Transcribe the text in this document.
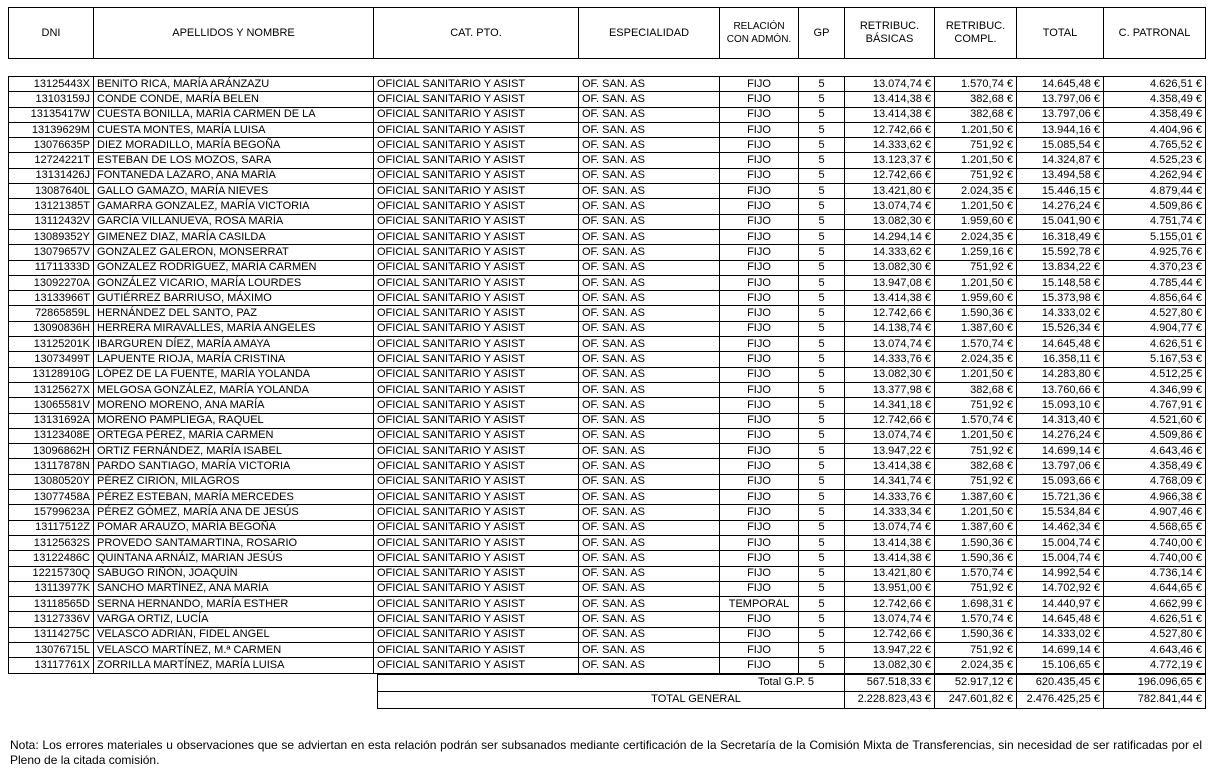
DNI	APELLIDOS Y NOMBRE	CAT. PTO.	ESPECIALIDAD	RELACIÓN CON ADMÓN.	GP	RETRIBUC. BÁSICAS	RETRIBUC. COMPL.	TOTAL	C. PATRONAL
13125443X	BENITO RICA, MARÍA ARÁNZAZU	OFICIAL SANITARIO Y ASIST	OF. SAN. AS	FIJO	5	13.074,74 €	1.570,74 €	14.645,48 €	4.626,51 €
13103159J	CONDE CONDE, MARÍA BELEN	OFICIAL SANITARIO Y ASIST	OF. SAN. AS	FIJO	5	13.414,38 €	382,68 €	13.797,06 €	4.358,49 €
13135417W	CUESTA BONILLA, MARÍA CARMEN DE LA	OFICIAL SANITARIO Y ASIST	OF. SAN. AS	FIJO	5	13.414,38 €	382,68 €	13.797,06 €	4.358,49 €
13139629M	CUESTA MONTES, MARÍA LUISA	OFICIAL SANITARIO Y ASIST	OF. SAN. AS	FIJO	5	12.742,66 €	1.201,50 €	13.944,16 €	4.404,96 €
13076635P	DIEZ MORADILLO, MARÍA BEGOÑA	OFICIAL SANITARIO Y ASIST	OF. SAN. AS	FIJO	5	14.333,62 €	751,92 €	15.085,54 €	4.765,52 €
12724221T	ESTEBAN DE LOS MOZOS, SARA	OFICIAL SANITARIO Y ASIST	OF. SAN. AS	FIJO	5	13.123,37 €	1.201,50 €	14.324,87 €	4.525,23 €
13131426J	FONTANEDA LAZARO, ANA MARÍA	OFICIAL SANITARIO Y ASIST	OF. SAN. AS	FIJO	5	12.742,66 €	751,92 €	13.494,58 €	4.262,94 €
13087640L	GALLO GAMAZO, MARÍA NIEVES	OFICIAL SANITARIO Y ASIST	OF. SAN. AS	FIJO	5	13.421,80 €	2.024,35 €	15.446,15 €	4.879,44 €
13121385T	GAMARRA GONZALEZ, MARÍA VICTORIA	OFICIAL SANITARIO Y ASIST	OF. SAN. AS	FIJO	5	13.074,74 €	1.201,50 €	14.276,24 €	4.509,86 €
13112432V	GARCÍA VILLANUEVA, ROSA MARÍA	OFICIAL SANITARIO Y ASIST	OF. SAN. AS	FIJO	5	13.082,30 €	1.959,60 €	15.041,90 €	4.751,74 €
13089352Y	GIMENEZ DIAZ, MARÍA CASILDA	OFICIAL SANITARIO Y ASIST	OF. SAN. AS	FIJO	5	14.294,14 €	2.024,35 €	16.318,49 €	5.155,01 €
13079657V	GONZALEZ GALERON, MONSERRAT	OFICIAL SANITARIO Y ASIST	OF. SAN. AS	FIJO	5	14.333,62 €	1.259,16 €	15.592,78 €	4.925,76 €
11711333D	GONZALEZ RODRÍGUEZ, MARÍA CARMEN	OFICIAL SANITARIO Y ASIST	OF. SAN. AS	FIJO	5	13.082,30 €	751,92 €	13.834,22 €	4.370,23 €
13092270A	GONZÁLEZ VICARIO, MARÍA LOURDES	OFICIAL SANITARIO Y ASIST	OF. SAN. AS	FIJO	5	13.947,08 €	1.201,50 €	15.148,58 €	4.785,44 €
13133966T	GUTIÉRREZ BARRIUSO, MÁXIMO	OFICIAL SANITARIO Y ASIST	OF. SAN. AS	FIJO	5	13.414,38 €	1.959,60 €	15.373,98 €	4.856,64 €
72865859L	HERNÁNDEZ DEL SANTO, PAZ	OFICIAL SANITARIO Y ASIST	OF. SAN. AS	FIJO	5	12.742,66 €	1.590,36 €	14.333,02 €	4.527,80 €
13090836H	HERRERA MIRAVALLES, MARÍA ANGELES	OFICIAL SANITARIO Y ASIST	OF. SAN. AS	FIJO	5	14.138,74 €	1.387,60 €	15.526,34 €	4.904,77 €
13125201K	IBARGUREN DÍEZ, MARÍA AMAYA	OFICIAL SANITARIO Y ASIST	OF. SAN. AS	FIJO	5	13.074,74 €	1.570,74 €	14.645,48 €	4.626,51 €
13073499T	LAPUENTE RIOJA, MARÍA CRISTINA	OFICIAL SANITARIO Y ASIST	OF. SAN. AS	FIJO	5	14.333,76 €	2.024,35 €	16.358,11 €	5.167,53 €
13128910G	LÓPEZ DE LA FUENTE, MARÍA YOLANDA	OFICIAL SANITARIO Y ASIST	OF. SAN. AS	FIJO	5	13.082,30 €	1.201,50 €	14.283,80 €	4.512,25 €
13125627X	MELGOSA GONZÁLEZ, MARÍA YOLANDA	OFICIAL SANITARIO Y ASIST	OF. SAN. AS	FIJO	5	13.377,98 €	382,68 €	13.760,66 €	4.346,99 €
13065581V	MORENO MORENO, ANA MARÍA	OFICIAL SANITARIO Y ASIST	OF. SAN. AS	FIJO	5	14.341,18 €	751,92 €	15.093,10 €	4.767,91 €
13131692A	MORENO PAMPLIEGA, RAQUEL	OFICIAL SANITARIO Y ASIST	OF. SAN. AS	FIJO	5	12.742,66 €	1.570,74 €	14.313,40 €	4.521,60 €
13123408E	ORTEGA PÉREZ, MARÍA CARMEN	OFICIAL SANITARIO Y ASIST	OF. SAN. AS	FIJO	5	13.074,74 €	1.201,50 €	14.276,24 €	4.509,86 €
13096862H	ORTIZ FERNÁNDEZ, MARÍA ISABEL	OFICIAL SANITARIO Y ASIST	OF. SAN. AS	FIJO	5	13.947,22 €	751,92 €	14.699,14 €	4.643,46 €
13117878N	PARDO SANTIAGO, MARÍA VICTORIA	OFICIAL SANITARIO Y ASIST	OF. SAN. AS	FIJO	5	13.414,38 €	382,68 €	13.797,06 €	4.358,49 €
13080520Y	PÉREZ CIRIÓN, MILAGROS	OFICIAL SANITARIO Y ASIST	OF. SAN. AS	FIJO	5	14.341,74 €	751,92 €	15.093,66 €	4.768,09 €
13077458A	PÉREZ ESTEBAN, MARÍA MERCEDES	OFICIAL SANITARIO Y ASIST	OF. SAN. AS	FIJO	5	14.333,76 €	1.387,60 €	15.721,36 €	4.966,38 €
15799623A	PÉREZ GÓMEZ, MARÍA ANA DE JESÚS	OFICIAL SANITARIO Y ASIST	OF. SAN. AS	FIJO	5	14.333,34 €	1.201,50 €	15.534,84 €	4.907,46 €
13117512Z	POMAR ARAUZO, MARÍA BEGOÑA	OFICIAL SANITARIO Y ASIST	OF. SAN. AS	FIJO	5	13.074,74 €	1.387,60 €	14.462,34 €	4.568,65 €
13125632S	PROVEDO SANTAMARTINA, ROSARIO	OFICIAL SANITARIO Y ASIST	OF. SAN. AS	FIJO	5	13.414,38 €	1.590,36 €	15.004,74 €	4.740,00 €
13122486C	QUINTANA ARNÁIZ, MARIAN JESÚS	OFICIAL SANITARIO Y ASIST	OF. SAN. AS	FIJO	5	13.414,38 €	1.590,36 €	15.004,74 €	4.740,00 €
12215730Q	SABUGO RIÑÓN, JOAQUÍN	OFICIAL SANITARIO Y ASIST	OF. SAN. AS	FIJO	5	13.421,80 €	1.570,74 €	14.992,54 €	4.736,14 €
13113977K	SANCHO MARTÍNEZ, ANA MARÍA	OFICIAL SANITARIO Y ASIST	OF. SAN. AS	FIJO	5	13.951,00 €	751,92 €	14.702,92 €	4.644,65 €
13118565D	SERNA HERNANDO, MARÍA ESTHER	OFICIAL SANITARIO Y ASIST	OF. SAN. AS	TEMPORAL	5	12.742,66 €	1.698,31 €	14.440,97 €	4.662,99 €
13127336V	VARGA ORTIZ, LUCÍA	OFICIAL SANITARIO Y ASIST	OF. SAN. AS	FIJO	5	13.074,74 €	1.570,74 €	14.645,48 €	4.626,51 €
13114275C	VELASCO ADRIÁN, FIDEL ANGEL	OFICIAL SANITARIO Y ASIST	OF. SAN. AS	FIJO	5	12.742,66 €	1.590,36 €	14.333,02 €	4.527,80 €
13076715L	VELASCO MARTÍNEZ, M.ª CARMEN	OFICIAL SANITARIO Y ASIST	OF. SAN. AS	FIJO	5	13.947,22 €	751,92 €	14.699,14 €	4.643,46 €
13117761X	ZORRILLA MARTÍNEZ, MARÍA LUISA	OFICIAL SANITARIO Y ASIST	OF. SAN. AS	FIJO	5	13.082,30 €	2.024,35 €	15.106,65 €	4.772,19 €
Total G.P. 5	567.518,33 €	52.917,12 €	620.435,45 €	196.096,65 €
TOTAL GENERAL	2.228.823,43 €	247.601,82 €	2.476.425,25 €	782.841,44 €
Nota: Los errores materiales u observaciones que se adviertan en esta relación podrán ser subsanados mediante certificación de la Secretaría de la Comisión Mixta de Transferencias, sin necesidad de ser ratificadas por el Pleno de la citada comisión.
